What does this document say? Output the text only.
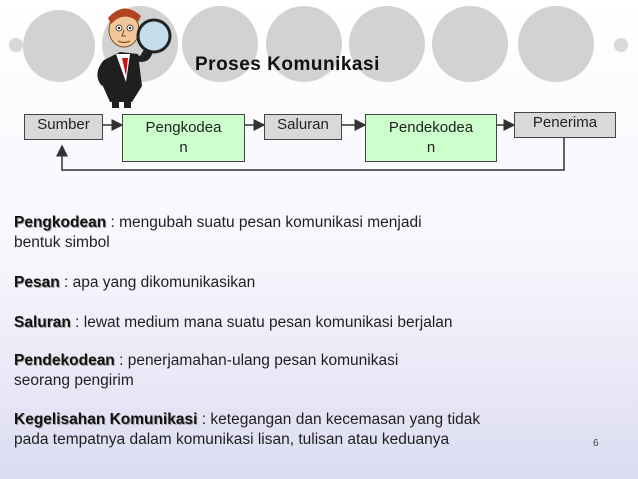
Proses Komunikasi
Sumber	Pengkodea
n
Saluran	Pendekodea
n
Penerima
Pengkodean : mengubah suatu pesan komunikasi menjadi
bentuk simbol
Pesan : apa yang dikomunikasikan
Saluran : lewat medium mana suatu pesan komunikasi berjalan
Pendekodean : penerjamahan-ulang pesan komunikasi
seorang pengirim
Kegelisahan Komunikasi : ketegangan dan kecemasan yang tidak
pada tempatnya dalam komunikasi lisan, tulisan atau keduanya	6
